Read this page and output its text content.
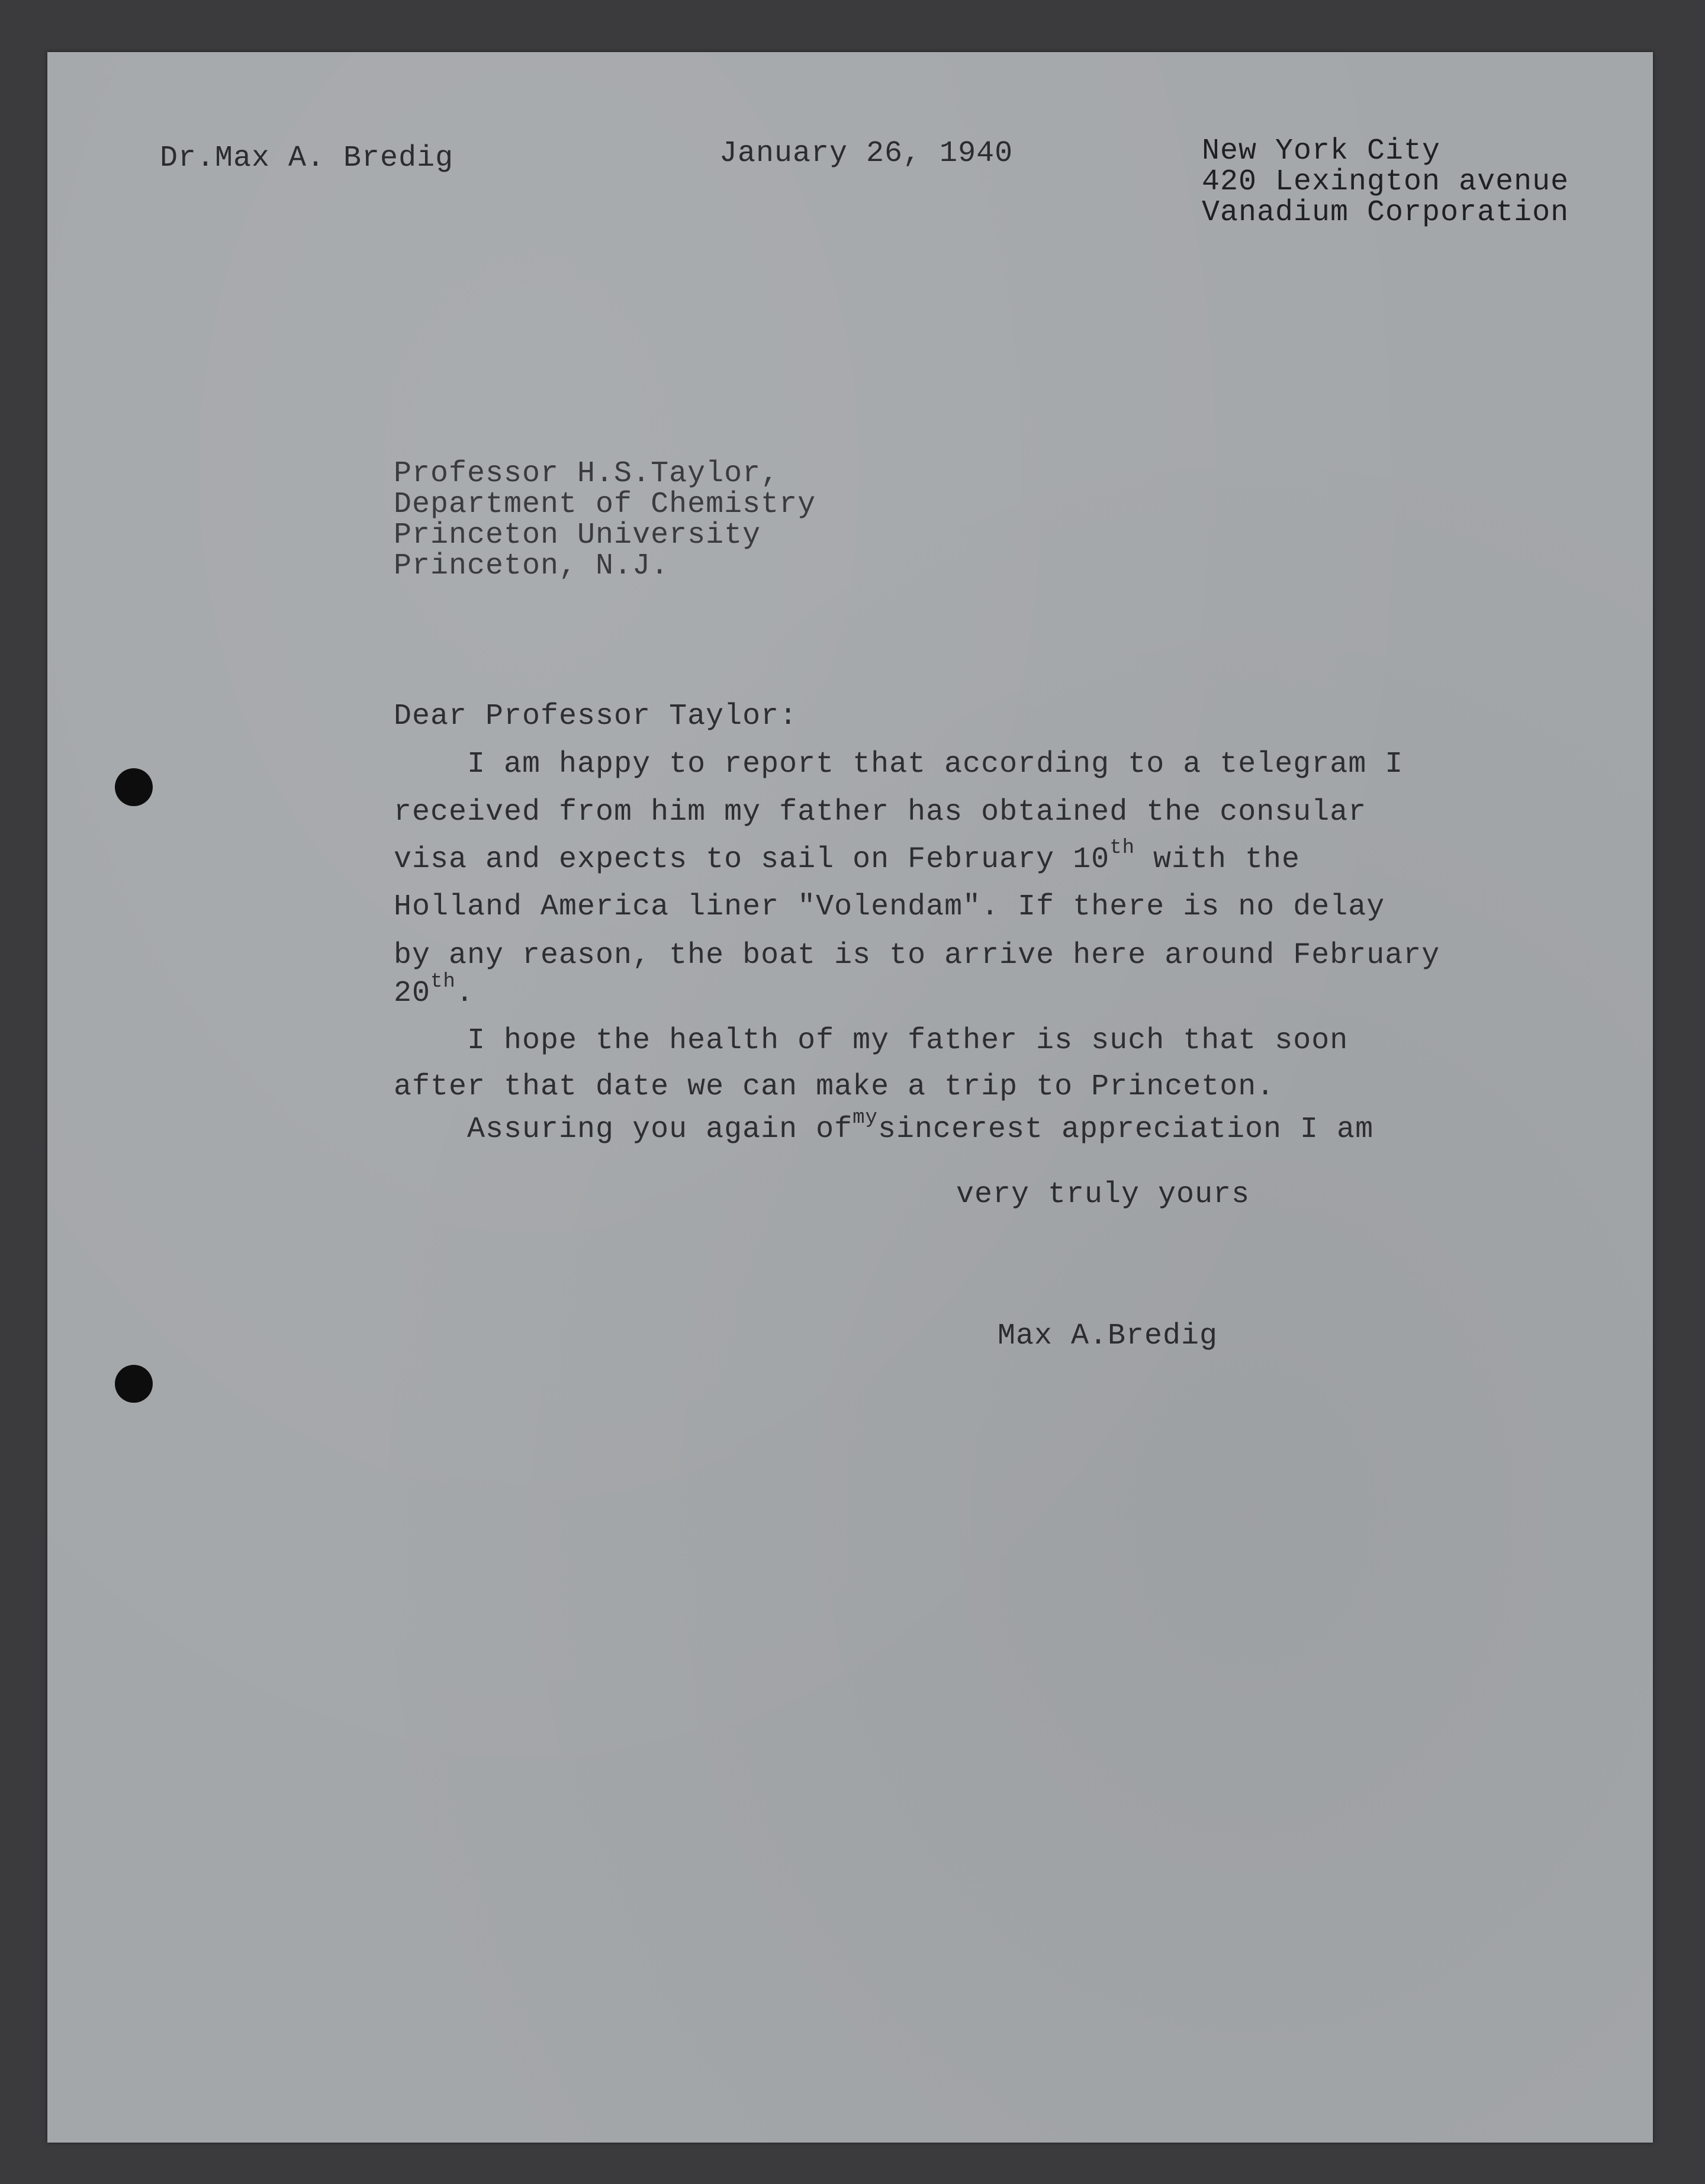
Dr.Max A. Bredig	January 26, 1940	New York City
420 Lexington avenue
Vanadium Corporation
Professor H.S.Taylor,
Department of Chemistry
Princeton University
Princeton, N.J.
Dear Professor Taylor:
I am happy to report that according to a telegram I
received from him my father has obtained the consular
visa and expects to sail on February 10th with the
Holland America liner "Volendam". If there is no delay
by any reason, the boat is to arrive here around February
20th.
I hope the health of my father is such that soon
after that date we can make a trip to Princeton.
Assuring you again $of^{my}sincerest$ appreciation I am
very truly yours
Max A.Bredig
